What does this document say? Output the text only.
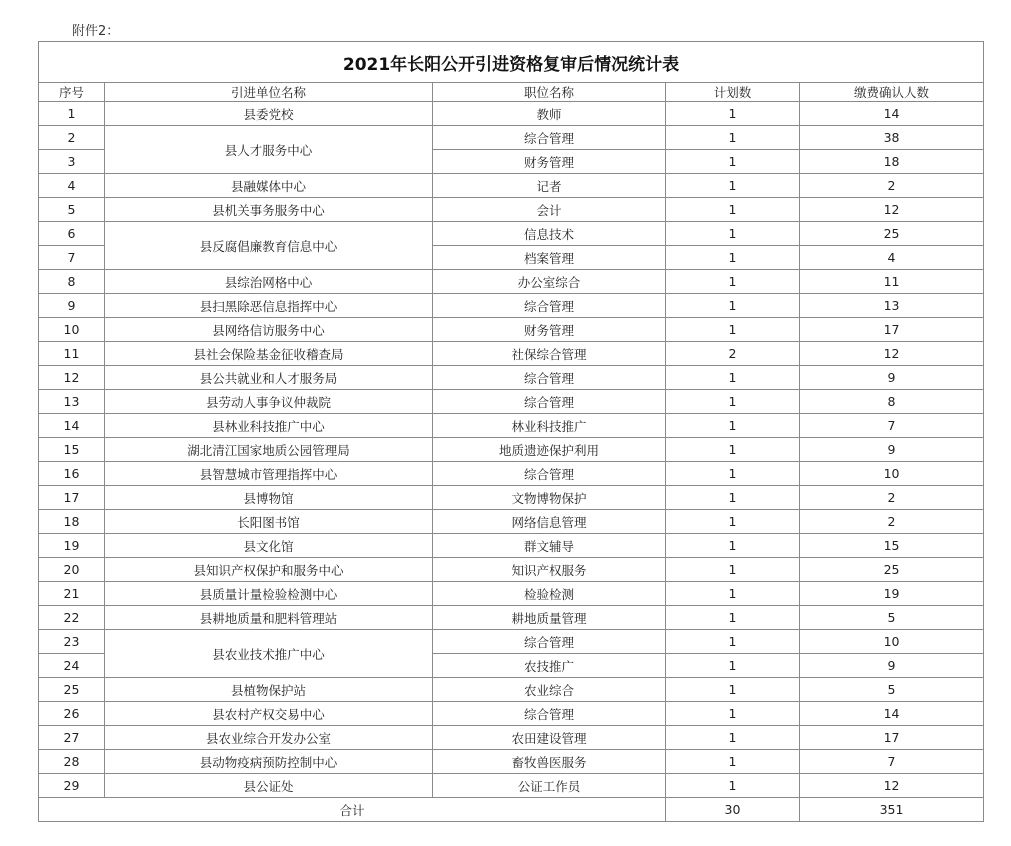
附件2：
2021年长阳公开引进资格复审后情况统计表				
序号	引进单位名称	职位名称	计划数	缴费确认人数
1	县委党校	教师	1	14
2	县人才服务中心	综合管理	1	38
3		财务管理	1	18
4	县融媒体中心	记者	1	2
5	县机关事务服务中心	会计	1	12
6	县反腐倡廉教育信息中心	信息技术	1	25
7		档案管理	1	4
8	县综治网格中心	办公室综合	1	11
9	县扫黑除恶信息指挥中心	综合管理	1	13
10	县网络信访服务中心	财务管理	1	17
11	县社会保险基金征收稽查局	社保综合管理	2	12
12	县公共就业和人才服务局	综合管理	1	9
13	县劳动人事争议仲裁院	综合管理	1	8
14	县林业科技推广中心	林业科技推广	1	7
15	湖北清江国家地质公园管理局	地质遗迹保护利用	1	9
16	县智慧城市管理指挥中心	综合管理	1	10
17	县博物馆	文物博物保护	1	2
18	长阳图书馆	网络信息管理	1	2
19	县文化馆	群文辅导	1	15
20	县知识产权保护和服务中心	知识产权服务	1	25
21	县质量计量检验检测中心	检验检测	1	19
22	县耕地质量和肥料管理站	耕地质量管理	1	5
23	县农业技术推广中心	综合管理	1	10
24		农技推广	1	9
25	县植物保护站	农业综合	1	5
26	县农村产权交易中心	综合管理	1	14
27	县农业综合开发办公室	农田建设管理	1	17
28	县动物疫病预防控制中心	畜牧兽医服务	1	7
29	县公证处	公证工作员	1	12
合计			30	351
